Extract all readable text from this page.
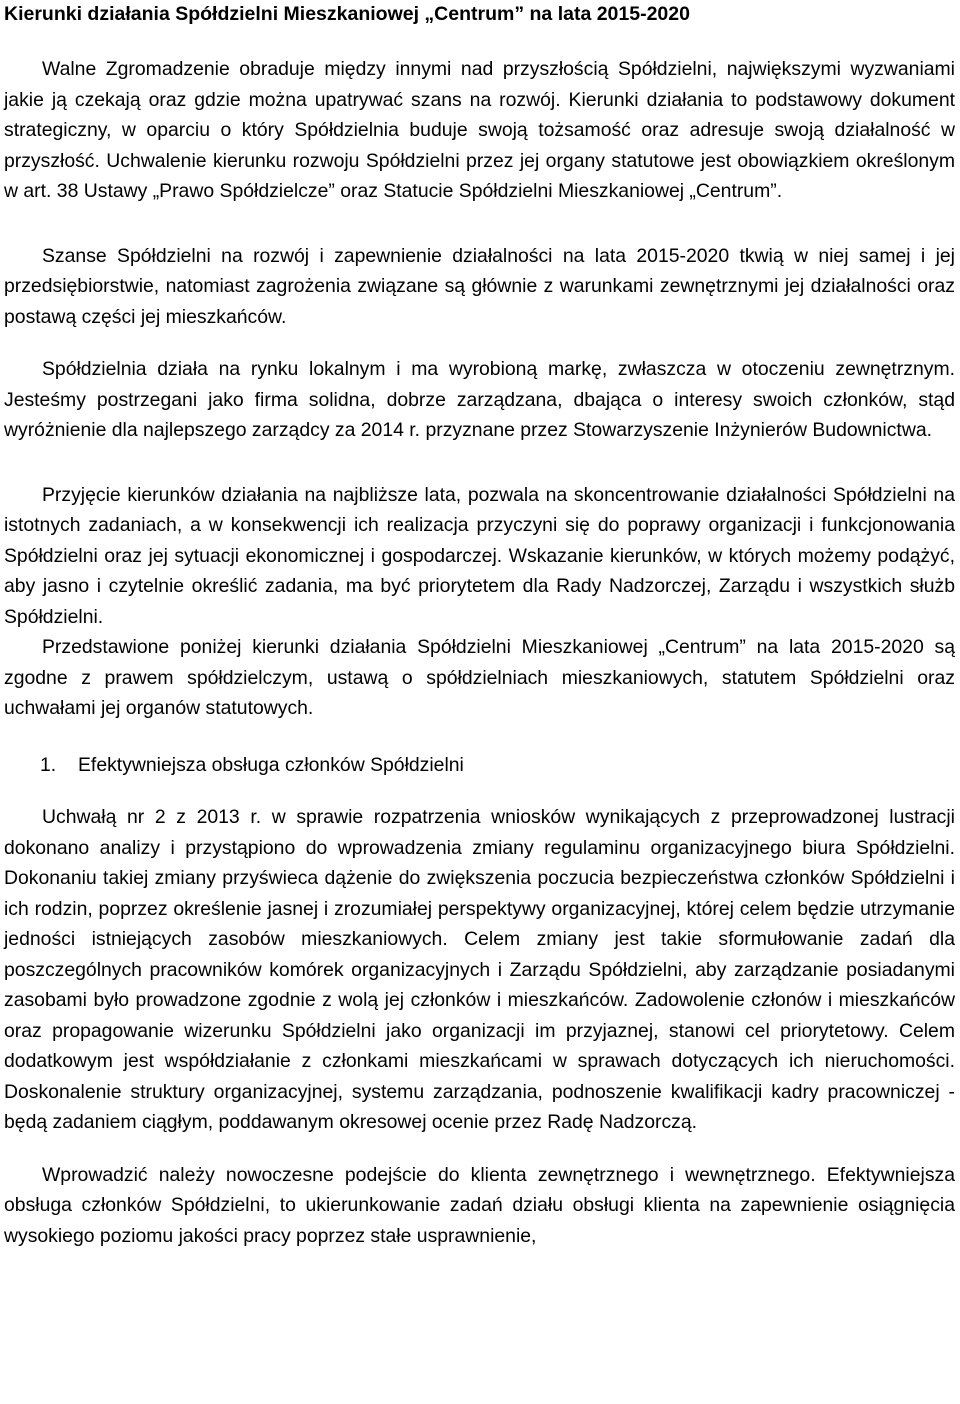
Kierunki działania Spółdzielni Mieszkaniowej „Centrum” na lata 2015-2020

Walne Zgromadzenie obraduje między innymi nad przyszłością Spółdzielni, największymi wyzwaniami jakie ją czekają oraz gdzie można upatrywać szans na rozwój. Kierunki działania to podstawowy dokument strategiczny, w oparciu o który Spółdzielnia buduje swoją tożsamość oraz adresuje swoją działalność w przyszłość. Uchwalenie kierunku rozwoju Spółdzielni przez jej organy statutowe jest obowiązkiem określonym w art. 38 Ustawy „Prawo Spółdzielcze” oraz Statucie Spółdzielni Mieszkaniowej „Centrum”.

Szanse Spółdzielni na rozwój i zapewnienie działalności na lata 2015-2020 tkwią w niej samej i jej przedsiębiorstwie, natomiast zagrożenia związane są głównie z warunkami zewnętrznymi jej działalności oraz postawą części jej mieszkańców.

Spółdzielnia działa na rynku lokalnym i ma wyrobioną markę, zwłaszcza w otoczeniu zewnętrznym. Jesteśmy postrzegani jako firma solidna, dobrze zarządzana, dbająca o interesy swoich członków, stąd wyróżnienie dla najlepszego zarządcy za 2014 r. przyznane przez Stowarzyszenie Inżynierów Budownictwa.

Przyjęcie kierunków działania na najbliższe lata, pozwala na skoncentrowanie działalności Spółdzielni na istotnych zadaniach, a w konsekwencji ich realizacja przyczyni się do poprawy organizacji i funkcjonowania Spółdzielni oraz jej sytuacji ekonomicznej i gospodarczej. Wskazanie kierunków, w których możemy podążyć, aby jasno i czytelnie określić zadania, ma być priorytetem dla Rady Nadzorczej, Zarządu i wszystkich służb Spółdzielni.

Przedstawione poniżej kierunki działania Spółdzielni Mieszkaniowej „Centrum” na lata 2015-2020 są zgodne z prawem spółdzielczym, ustawą o spółdzielniach mieszkaniowych, statutem Spółdzielni oraz uchwałami jej organów statutowych.

1. Efektywniejsza obsługa członków Spółdzielni

Uchwałą nr 2 z 2013 r. w sprawie rozpatrzenia wniosków wynikających z przeprowadzonej lustracji dokonano analizy i przystąpiono do wprowadzenia zmiany regulaminu organizacyjnego biura Spółdzielni. Dokonaniu takiej zmiany przyświeca dążenie do zwiększenia poczucia bezpieczeństwa członków Spółdzielni i ich rodzin, poprzez określenie jasnej i zrozumiałej perspektywy organizacyjnej, której celem będzie utrzymanie jedności istniejących zasobów mieszkaniowych. Celem zmiany jest takie sformułowanie zadań dla poszczególnych pracowników komórek organizacyjnych i Zarządu Spółdzielni, aby zarządzanie posiadanymi zasobami było prowadzone zgodnie z wolą jej członków i mieszkańców. Zadowolenie członów i mieszkańców oraz propagowanie wizerunku Spółdzielni jako organizacji im przyjaznej, stanowi cel priorytetowy. Celem dodatkowym jest współdziałanie z członkami mieszkańcami w sprawach dotyczących ich nieruchomości. Doskonalenie struktury organizacyjnej, systemu zarządzania, podnoszenie kwalifikacji kadry pracowniczej - będą zadaniem ciągłym, poddawanym okresowej ocenie przez Radę Nadzorczą.

Wprowadzić należy nowoczesne podejście do klienta zewnętrznego i wewnętrznego. Efektywniejsza obsługa członków Spółdzielni, to ukierunkowanie zadań działu obsługi klienta na zapewnienie osiągnięcia wysokiego poziomu jakości pracy poprzez stałe usprawnienie,
